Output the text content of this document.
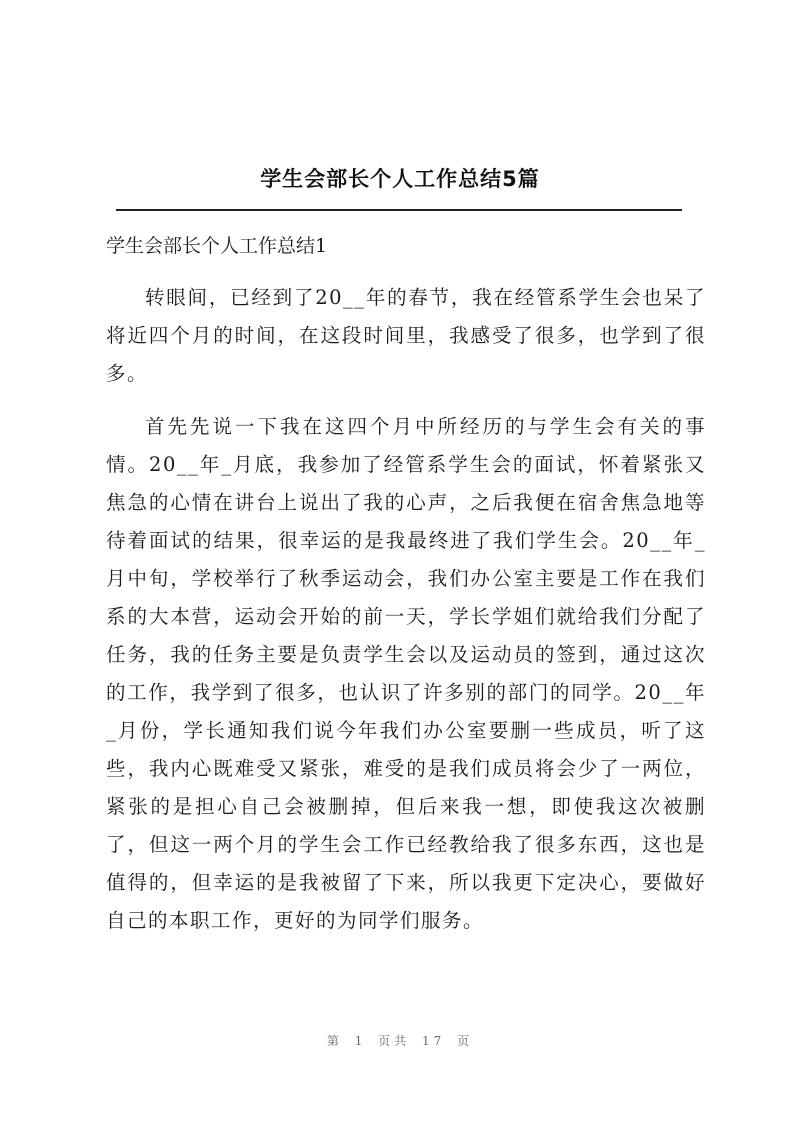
学生会部长个人工作总结5篇

学生会部长个人工作总结1

转眼间，已经到了20__年的春节，我在经管系学生会也呆了将近四个月的时间，在这段时间里，我感受了很多，也学到了很多。

首先先说一下我在这四个月中所经历的与学生会有关的事情。20__年_月底，我参加了经管系学生会的面试，怀着紧张又焦急的心情在讲台上说出了我的心声，之后我便在宿舍焦急地等待着面试的结果，很幸运的是我最终进了我们学生会。20__年_月中旬，学校举行了秋季运动会，我们办公室主要是工作在我们系的大本营，运动会开始的前一天，学长学姐们就给我们分配了任务，我的任务主要是负责学生会以及运动员的签到，通过这次的工作，我学到了很多，也认识了许多别的部门的同学。20__年_月份，学长通知我们说今年我们办公室要删一些成员，听了这些，我内心既难受又紧张，难受的是我们成员将会少了一两位，紧张的是担心自己会被删掉，但后来我一想，即使我这次被删了，但这一两个月的学生会工作已经教给我了很多东西，这也是值得的，但幸运的是我被留了下来，所以我更下定决心，要做好自己的本职工作，更好的为同学们服务。

第 1 页共 17 页
